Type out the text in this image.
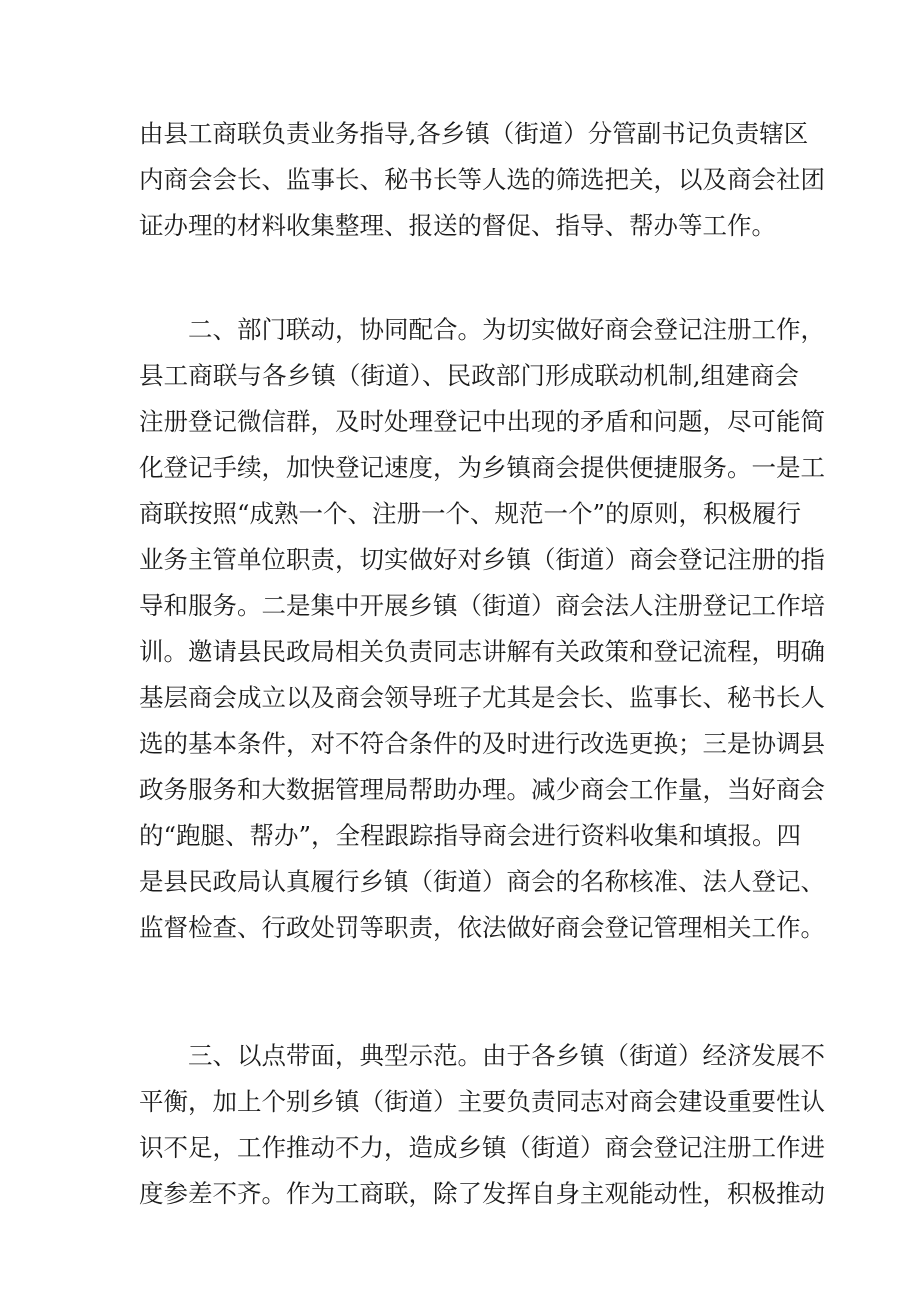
由县工商联负责业务指导,各乡镇（街道）分管副书记负责辖区
内商会会长、监事长、秘书长等人选的筛选把关，以及商会社团
证办理的材料收集整理、报送的督促、指导、帮办等工作。
二、部门联动，协同配合。为切实做好商会登记注册工作，
县工商联与各乡镇（街道）、民政部门形成联动机制,组建商会
注册登记微信群，及时处理登记中出现的矛盾和问题，尽可能简
化登记手续，加快登记速度，为乡镇商会提供便捷服务。一是工
商联按照“成熟一个、注册一个、规范一个”的原则，积极履行
业务主管单位职责，切实做好对乡镇（街道）商会登记注册的指
导和服务。二是集中开展乡镇（街道）商会法人注册登记工作培
训。邀请县民政局相关负责同志讲解有关政策和登记流程，明确
基层商会成立以及商会领导班子尤其是会长、监事长、秘书长人
选的基本条件，对不符合条件的及时进行改选更换；三是协调县
政务服务和大数据管理局帮助办理。减少商会工作量，当好商会
的“跑腿、帮办”，全程跟踪指导商会进行资料收集和填报。四
是县民政局认真履行乡镇（街道）商会的名称核准、法人登记、
监督检查、行政处罚等职责，依法做好商会登记管理相关工作。
三、以点带面，典型示范。由于各乡镇（街道）经济发展不
平衡，加上个别乡镇（街道）主要负责同志对商会建设重要性认
识不足，工作推动不力，造成乡镇（街道）商会登记注册工作进
度参差不齐。作为工商联，除了发挥自身主观能动性，积极推动
